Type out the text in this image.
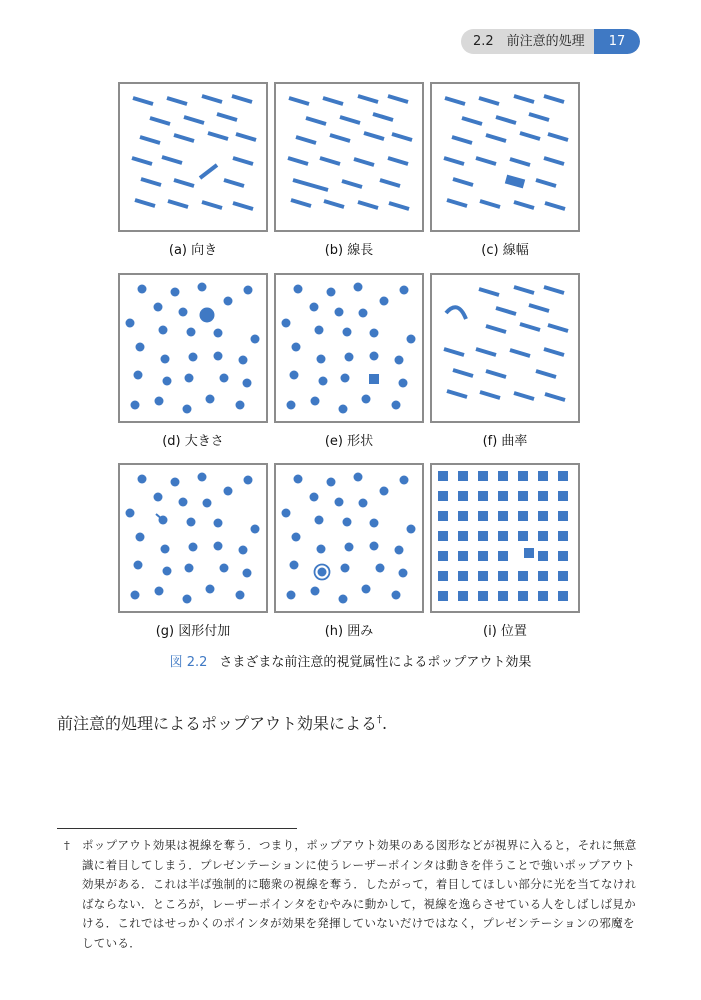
2.2　前注意的処理	17
(a) 向き	(b) 線長	(c) 線幅
(d) 大きさ	(e) 形状	(f) 曲率
(g) 図形付加	(h) 囲み	(i) 位置
図 2.2 さまざまな前注意的視覚属性によるポップアウト効果
前注意的処理によるポップアウト効果による†.
†	ポップアウト効果は視線を奪う．つまり，ポップアウト効果のある図形などが視界に入ると，それに無意識に着目してしまう．プレゼンテーションに使うレーザーポインタは動きを伴うことで強いポップアウト効果がある．これは半ば強制的に聴衆の視線を奪う．したがって，着目してほしい部分に光を当てなければならない．ところが，レーザーポインタをむやみに動かして，視線を逸らさせている人をしばしば見かける．これではせっかくのポインタが効果を発揮していないだけではなく，プレゼンテーションの邪魔をしている．
